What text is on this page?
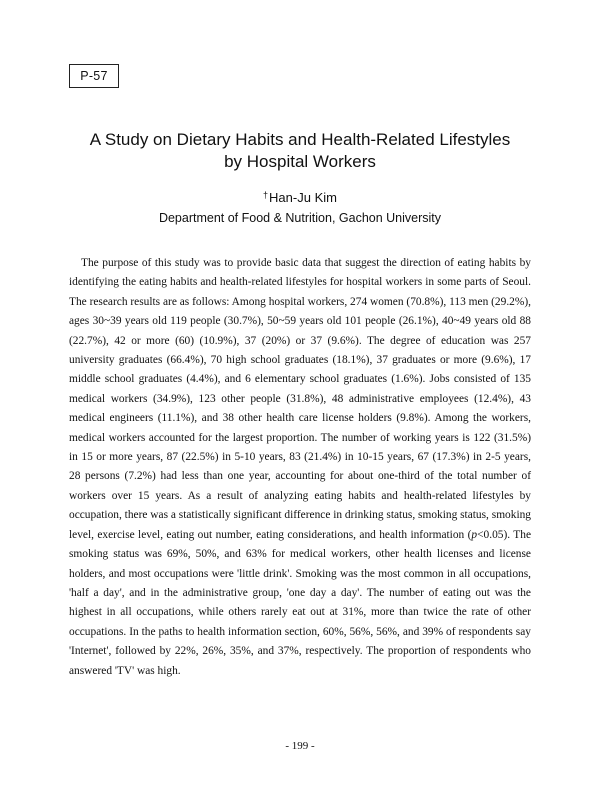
P-57
A Study on Dietary Habits and Health-Related Lifestyles
by Hospital Workers
†Han-Ju Kim
Department of Food & Nutrition, Gachon University

The purpose of this study was to provide basic data that suggest the direction of eating habits by identifying the eating habits and health-related lifestyles for hospital workers in some parts of Seoul. The research results are as follows: Among hospital workers, 274 women (70.8%), 113 men (29.2%), ages 30~39 years old 119 people (30.7%), 50~59 years old 101 people (26.1%), 40~49 years old 88 (22.7%), 42 or more (60) (10.9%), 37 (20%) or 37 (9.6%). The degree of education was 257 university graduates (66.4%), 70 high school graduates (18.1%), 37 graduates or more (9.6%), 17 middle school graduates (4.4%), and 6 elementary school graduates (1.6%). Jobs consisted of 135 medical workers (34.9%), 123 other people (31.8%), 48 administrative employees (12.4%), 43 medical engineers (11.1%), and 38 other health care license holders (9.8%). Among the workers, medical workers accounted for the largest proportion. The number of working years is 122 (31.5%) in 15 or more years, 87 (22.5%) in 5-10 years, 83 (21.4%) in 10-15 years, 67 (17.3%) in 2-5 years, 28 persons (7.2%) had less than one year, accounting for about one-third of the total number of workers over 15 years. As a result of analyzing eating habits and health-related lifestyles by occupation, there was a statistically significant difference in drinking status, smoking status, smoking level, exercise level, eating out number, eating considerations, and health information (p<0.05). The smoking status was 69%, 50%, and 63% for medical workers, other health licenses and license holders, and most occupations were 'little drink'. Smoking was the most common in all occupations, 'half a day', and in the administrative group, 'one day a day'. The number of eating out was the highest in all occupations, while others rarely eat out at 31%, more than twice the rate of other occupations. In the paths to health information section, 60%, 56%, 56%, and 39% of respondents say 'Internet', followed by 22%, 26%, 35%, and 37%, respectively. The proportion of respondents who answered 'TV' was high.

- 199 -
